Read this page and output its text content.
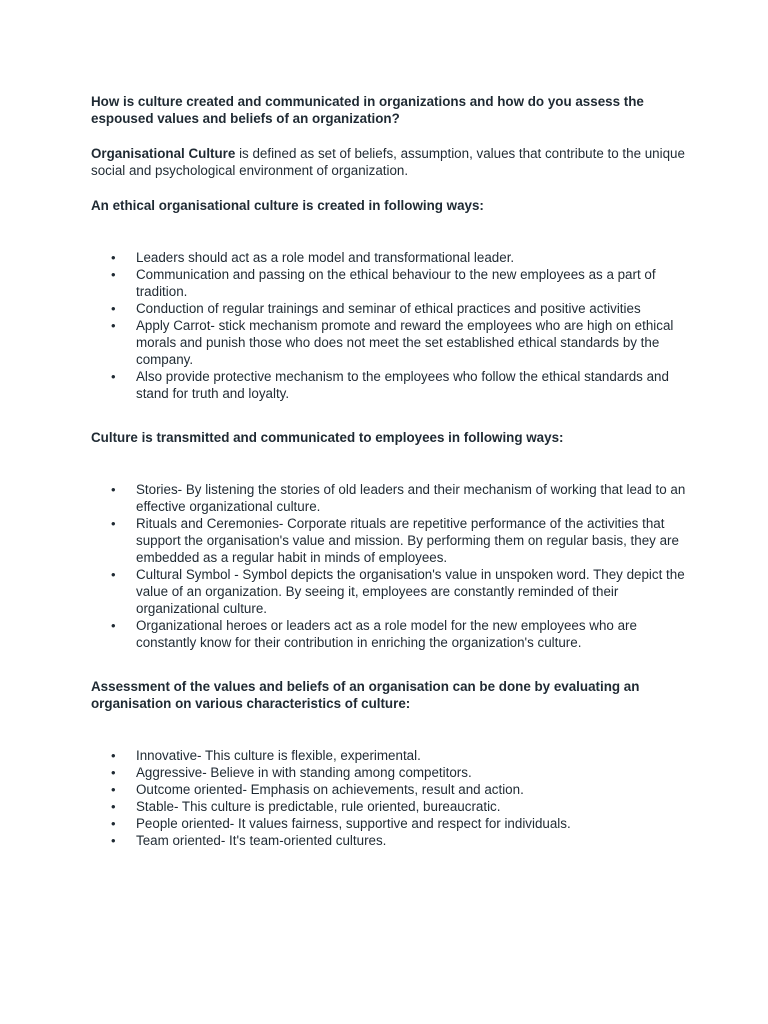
How is culture created and communicated in organizations and how do you assess the espoused values and beliefs of an organization?

Organisational Culture is defined as set of beliefs, assumption, values that contribute to the unique social and psychological environment of organization.

An ethical organisational culture is created in following ways:

• Leaders should act as a role model and transformational leader.
• Communication and passing on the ethical behaviour to the new employees as a part of tradition.
• Conduction of regular trainings and seminar of ethical practices and positive activities
• Apply Carrot- stick mechanism promote and reward the employees who are high on ethical morals and punish those who does not meet the set established ethical standards by the company.
• Also provide protective mechanism to the employees who follow the ethical standards and stand for truth and loyalty.

Culture is transmitted and communicated to employees in following ways:

• Stories- By listening the stories of old leaders and their mechanism of working that lead to an effective organizational culture.
• Rituals and Ceremonies- Corporate rituals are repetitive performance of the activities that support the organisation's value and mission. By performing them on regular basis, they are embedded as a regular habit in minds of employees.
• Cultural Symbol - Symbol depicts the organisation's value in unspoken word. They depict the value of an organization. By seeing it, employees are constantly reminded of their organizational culture.
• Organizational heroes or leaders act as a role model for the new employees who are constantly know for their contribution in enriching the organization's culture.

Assessment of the values and beliefs of an organisation can be done by evaluating an organisation on various characteristics of culture:

• Innovative- This culture is flexible, experimental.
• Aggressive- Believe in with standing among competitors.
• Outcome oriented- Emphasis on achievements, result and action.
• Stable- This culture is predictable, rule oriented, bureaucratic.
• People oriented- It values fairness, supportive and respect for individuals.
• Team oriented- It's team-oriented cultures.
